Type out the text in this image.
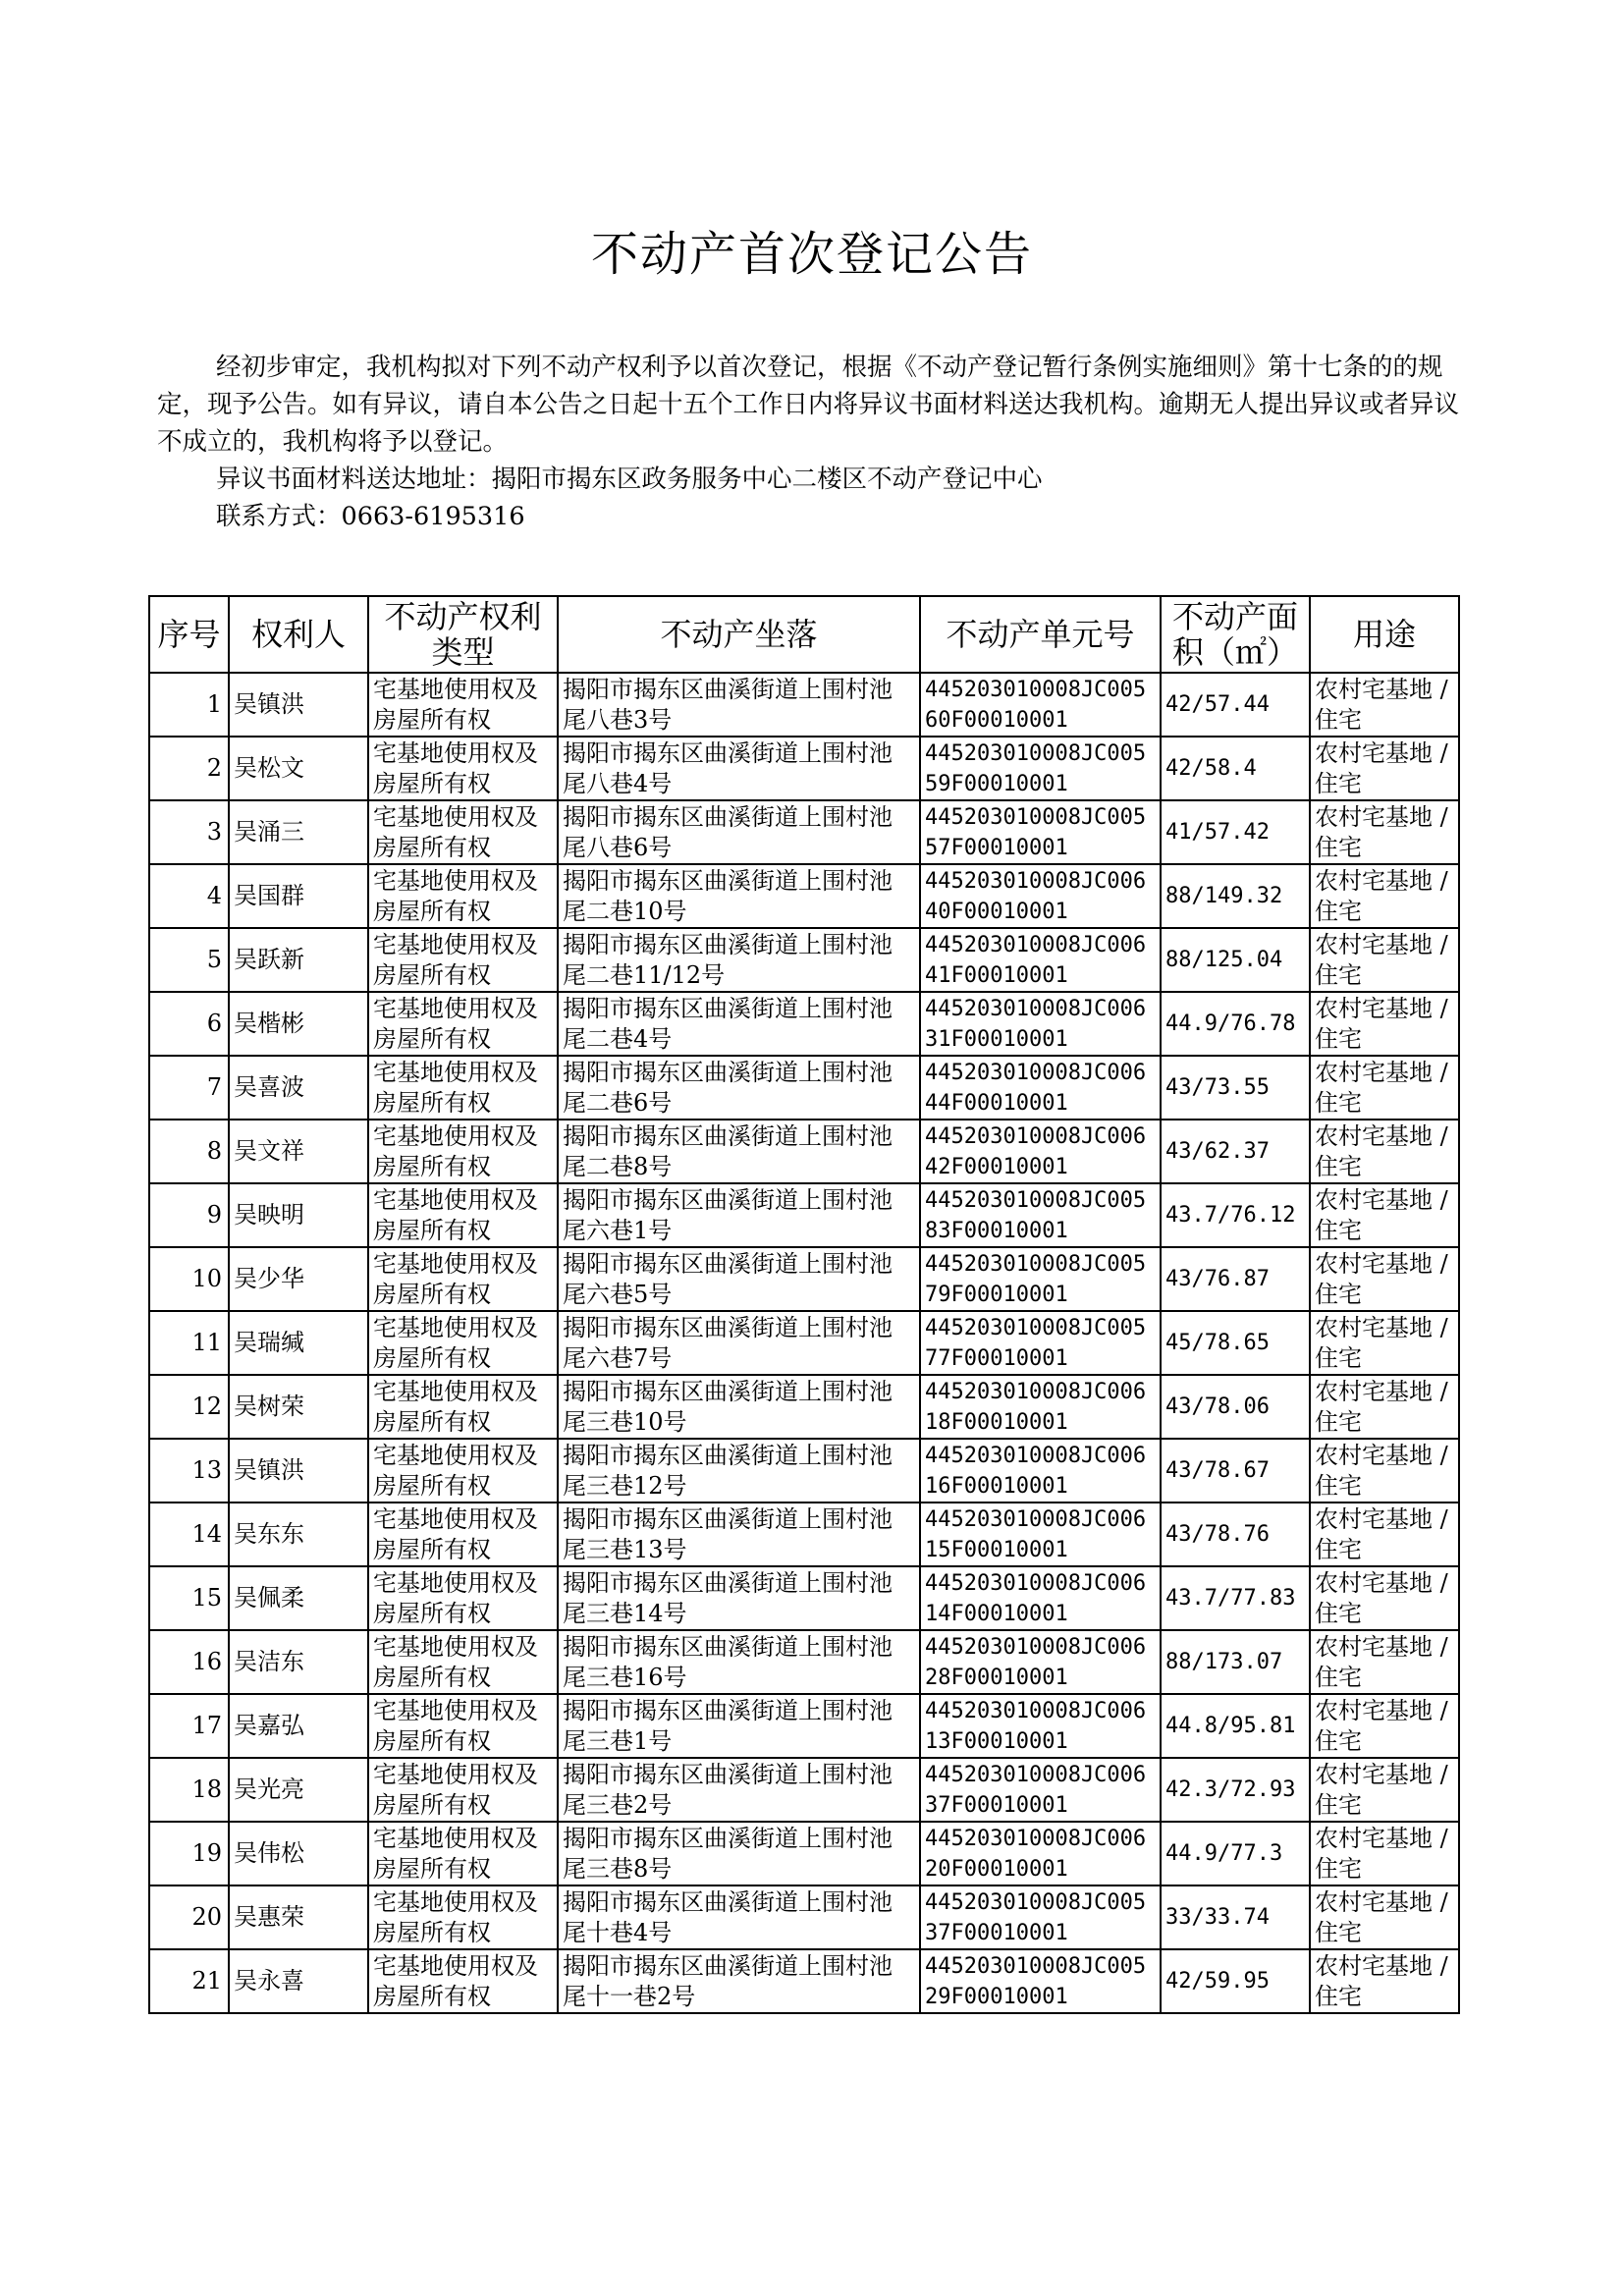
不动产首次登记公告
经初步审定，我机构拟对下列不动产权利予以首次登记，根据《不动产登记暂行条例实施细则》第十七条的的规定，现予公告。如有异议，请自本公告之日起十五个工作日内将异议书面材料送达我机构。逾期无人提出异议或者异议不成立的，我机构将予以登记。
异议书面材料送达地址：揭阳市揭东区政务服务中心二楼区不动产登记中心
联系方式：0663-6195316
序号	权利人	不动产权利类型	不动产坐落	不动产单元号	不动产面积（㎡）	用途
1	吴镇洪	宅基地使用权及房屋所有权	揭阳市揭东区曲溪街道上围村池尾八巷3号	445203010008JC00560F00010001	42/57.44	农村宅基地 / 住宅
2	吴松文	宅基地使用权及房屋所有权	揭阳市揭东区曲溪街道上围村池尾八巷4号	445203010008JC00559F00010001	42/58.4	农村宅基地 / 住宅
3	吴涌三	宅基地使用权及房屋所有权	揭阳市揭东区曲溪街道上围村池尾八巷6号	445203010008JC00557F00010001	41/57.42	农村宅基地 / 住宅
4	吴国群	宅基地使用权及房屋所有权	揭阳市揭东区曲溪街道上围村池尾二巷10号	445203010008JC00640F00010001	88/149.32	农村宅基地 / 住宅
5	吴跃新	宅基地使用权及房屋所有权	揭阳市揭东区曲溪街道上围村池尾二巷11/12号	445203010008JC00641F00010001	88/125.04	农村宅基地 / 住宅
6	吴楷彬	宅基地使用权及房屋所有权	揭阳市揭东区曲溪街道上围村池尾二巷4号	445203010008JC00631F00010001	44.9/76.78	农村宅基地 / 住宅
7	吴喜波	宅基地使用权及房屋所有权	揭阳市揭东区曲溪街道上围村池尾二巷6号	445203010008JC00644F00010001	43/73.55	农村宅基地 / 住宅
8	吴文祥	宅基地使用权及房屋所有权	揭阳市揭东区曲溪街道上围村池尾二巷8号	445203010008JC00642F00010001	43/62.37	农村宅基地 / 住宅
9	吴映明	宅基地使用权及房屋所有权	揭阳市揭东区曲溪街道上围村池尾六巷1号	445203010008JC00583F00010001	43.7/76.12	农村宅基地 / 住宅
10	吴少华	宅基地使用权及房屋所有权	揭阳市揭东区曲溪街道上围村池尾六巷5号	445203010008JC00579F00010001	43/76.87	农村宅基地 / 住宅
11	吴瑞缄	宅基地使用权及房屋所有权	揭阳市揭东区曲溪街道上围村池尾六巷7号	445203010008JC00577F00010001	45/78.65	农村宅基地 / 住宅
12	吴树荣	宅基地使用权及房屋所有权	揭阳市揭东区曲溪街道上围村池尾三巷10号	445203010008JC00618F00010001	43/78.06	农村宅基地 / 住宅
13	吴镇洪	宅基地使用权及房屋所有权	揭阳市揭东区曲溪街道上围村池尾三巷12号	445203010008JC00616F00010001	43/78.67	农村宅基地 / 住宅
14	吴东东	宅基地使用权及房屋所有权	揭阳市揭东区曲溪街道上围村池尾三巷13号	445203010008JC00615F00010001	43/78.76	农村宅基地 / 住宅
15	吴佩柔	宅基地使用权及房屋所有权	揭阳市揭东区曲溪街道上围村池尾三巷14号	445203010008JC00614F00010001	43.7/77.83	农村宅基地 / 住宅
16	吴洁东	宅基地使用权及房屋所有权	揭阳市揭东区曲溪街道上围村池尾三巷16号	445203010008JC00628F00010001	88/173.07	农村宅基地 / 住宅
17	吴嘉弘	宅基地使用权及房屋所有权	揭阳市揭东区曲溪街道上围村池尾三巷1号	445203010008JC00613F00010001	44.8/95.81	农村宅基地 / 住宅
18	吴光亮	宅基地使用权及房屋所有权	揭阳市揭东区曲溪街道上围村池尾三巷2号	445203010008JC00637F00010001	42.3/72.93	农村宅基地 / 住宅
19	吴伟松	宅基地使用权及房屋所有权	揭阳市揭东区曲溪街道上围村池尾三巷8号	445203010008JC00620F00010001	44.9/77.3	农村宅基地 / 住宅
20	吴惠荣	宅基地使用权及房屋所有权	揭阳市揭东区曲溪街道上围村池尾十巷4号	445203010008JC00537F00010001	33/33.74	农村宅基地 / 住宅
21	吴永喜	宅基地使用权及房屋所有权	揭阳市揭东区曲溪街道上围村池尾十一巷2号	445203010008JC00529F00010001	42/59.95	农村宅基地 / 住宅
